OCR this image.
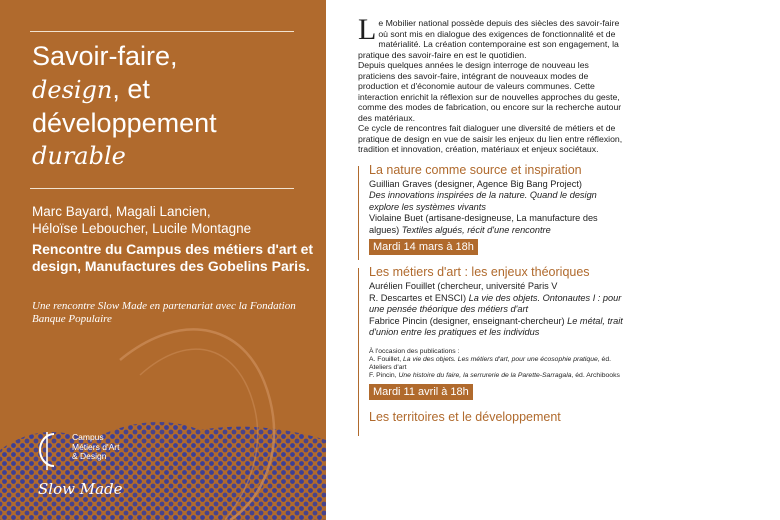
Savoir-faire,
design, et
développement
durable
Marc Bayard, Magali Lancien,
Héloïse Leboucher, Lucile Montagne
Rencontre du Campus des métiers d'art et design, Manufactures des Gobelins Paris.
Une rencontre Slow Made en partenariat avec la Fondation Banque Populaire
Campus
Métiers d'Art
& Design
Slow Made
L e Mobilier national possède depuis des siècles des savoir-faire où sont mis en dialogue des exigences de fonctionnalité et de matérialité. La création contemporaine est son engagement, la pratique des savoir-faire en est le quotidien.

Depuis quelques années le design interroge de nouveau les praticiens des savoir-faire, intégrant de nouveaux modes de production et d'économie autour de valeurs communes. Cette interaction enrichit la réflexion sur de nouvelles approches du geste, comme des modes de fabrication, ou encore sur la recherche autour des matériaux.

Ce cycle de rencontres fait dialoguer une diversité de métiers et de pratique de design en vue de saisir les enjeux du lien entre réflexion, tradition et innovation, création, matériaux et enjeux sociétaux.

La nature comme source et inspiration
Guillian Graves (designer, Agence Big Bang Project)
Des innovations inspirées de la nature. Quand le design explore les systèmes vivants
Violaine Buet (artisane-designeuse, La manufacture des algues) Textiles algués, récit d'une rencontre
Mardi 14 mars à 18h
Les métiers d'art : les enjeux théoriques
Aurélien Fouillet (chercheur, université Paris V
R. Descartes et ENSCI) La vie des objets. Ontonautes I : pour une pensée théorique des métiers d'art
Fabrice Pincin (designer, enseignant-chercheur) Le métal, trait d'union entre les pratiques et les individus
À l'occasion des publications :
A. Fouillet, La vie des objets. Les métiers d'art, pour une écosophie pratique, éd. Ateliers d'art
F. Pincin, Une histoire du faire, la serrurerie de la Parette-Sarragala, éd. Archibooks
Mardi 11 avril à 18h
Les territoires et le développement
